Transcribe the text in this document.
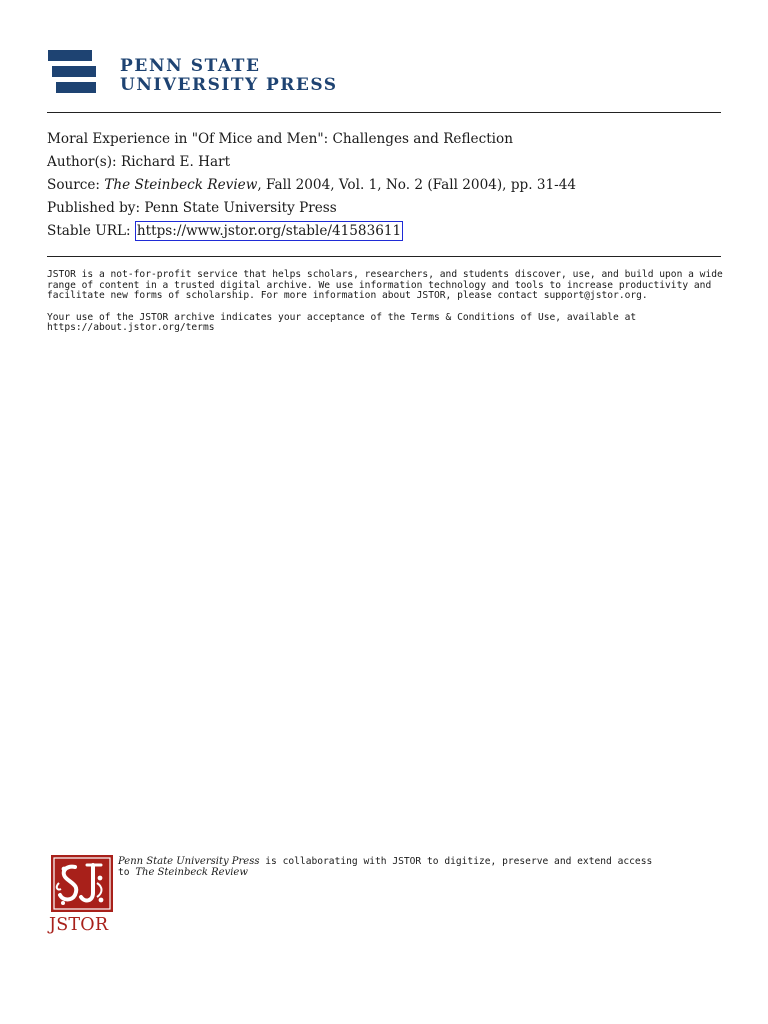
PENN STATE
UNIVERSITY PRESS
Moral Experience in "Of Mice and Men": Challenges and Reflection
Author(s): Richard E. Hart
Source: The Steinbeck Review, Fall 2004, Vol. 1, No. 2 (Fall 2004), pp. 31-44
Published by: Penn State University Press
Stable URL: https://www.jstor.org/stable/41583611

JSTOR is a not-for-profit service that helps scholars, researchers, and students discover, use, and build upon a wide
range of content in a trusted digital archive. We use information technology and tools to increase productivity and
facilitate new forms of scholarship. For more information about JSTOR, please contact support@jstor.org.

Your use of the JSTOR archive indicates your acceptance of the Terms & Conditions of Use, available at
https://about.jstor.org/terms

JSTOR
Penn State University Press is collaborating with JSTOR to digitize, preserve and extend access
to The Steinbeck Review
